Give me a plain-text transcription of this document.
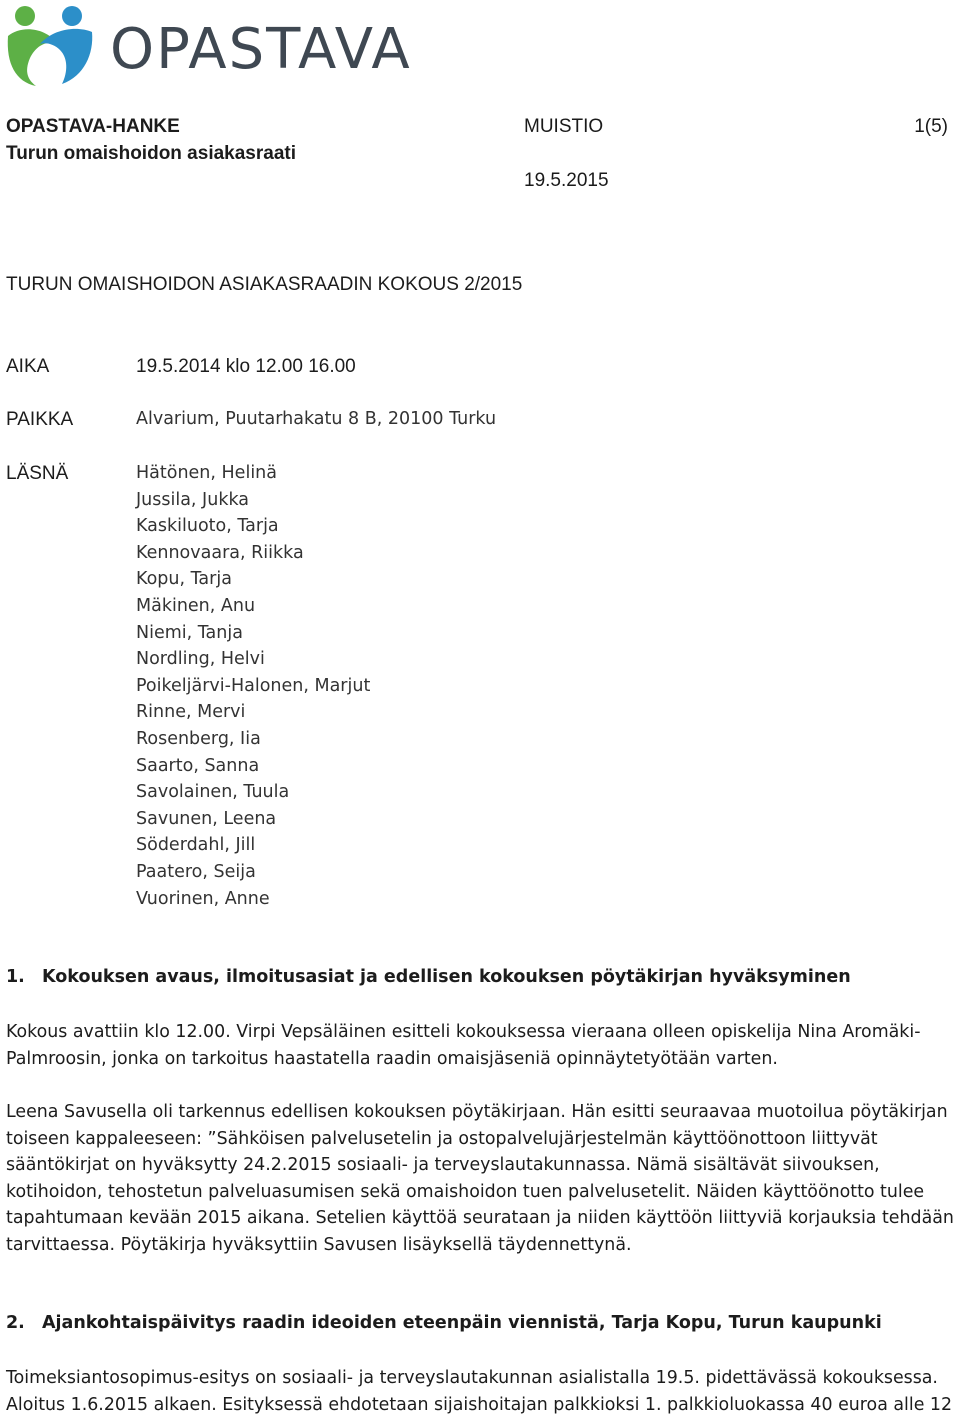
OPASTAVA
OPASTAVA-HANKE
Turun omaishoidon asiakasraati
MUISTIO	1(5)
19.5.2015
TURUN OMAISHOIDON ASIAKASRAADIN KOKOUS 2/2015
AIKA	19.5.2014 klo 12.00 16.00
PAIKKA	Alvarium, Puutarhakatu 8 B, 20100 Turku
LÄSNÄ	Hätönen, Helinä
Jussila, Jukka
Kaskiluoto, Tarja
Kennovaara, Riikka
Kopu, Tarja
Mäkinen, Anu
Niemi, Tanja
Nordling, Helvi
Poikeljärvi-Halonen, Marjut
Rinne, Mervi
Rosenberg, Iia
Saarto, Sanna
Savolainen, Tuula
Savunen, Leena
Söderdahl, Jill
Paatero, Seija
Vuorinen, Anne
1. Kokouksen avaus, ilmoitusasiat ja edellisen kokouksen pöytäkirjan hyväksyminen
Kokous avattiin klo 12.00. Virpi Vepsäläinen esitteli kokouksessa vieraana olleen opiskelija Nina Aromäki-
Palmroosin, jonka on tarkoitus haastatella raadin omaisjäseniä opinnäytetyötään varten.
Leena Savusella oli tarkennus edellisen kokouksen pöytäkirjaan. Hän esitti seuraavaa muotoilua pöytäkirjan
toiseen kappaleeseen: ”Sähköisen palvelusetelin ja ostopalvelujärjestelmän käyttöönottoon liittyvät
sääntökirjat on hyväksytty 24.2.2015 sosiaali- ja terveyslautakunnassa. Nämä sisältävät siivouksen,
kotihoidon, tehostetun palveluasumisen sekä omaishoidon tuen palvelusetelit. Näiden käyttöönotto tulee
tapahtumaan kevään 2015 aikana. Setelien käyttöä seurataan ja niiden käyttöön liittyviä korjauksia tehdään
tarvittaessa. Pöytäkirja hyväksyttiin Savusen lisäyksellä täydennettynä.
2. Ajankohtaispäivitys raadin ideoiden eteenpäin viennistä, Tarja Kopu, Turun kaupunki
Toimeksiantosopimus-esitys on sosiaali- ja terveyslautakunnan asialistalla 19.5. pidettävässä kokouksessa.
Aloitus 1.6.2015 alkaen. Esityksessä ehdotetaan sijaishoitajan palkkioksi 1. palkkioluokassa 40 euroa alle 12
